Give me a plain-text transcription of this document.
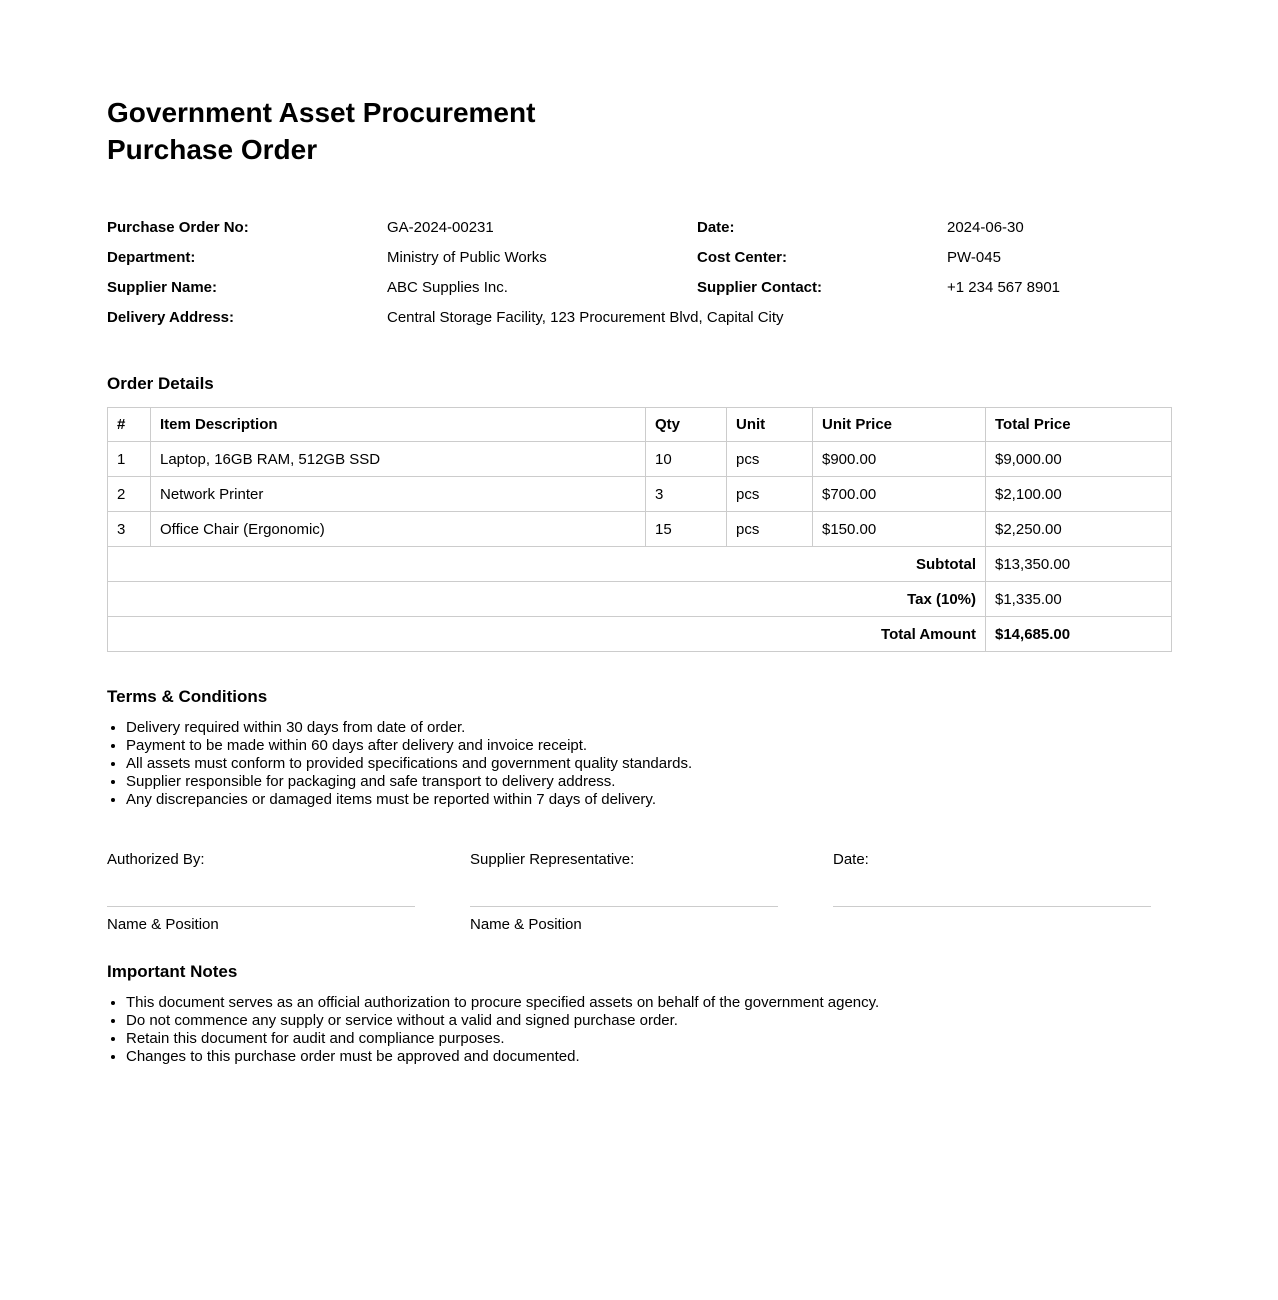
Government Asset Procurement
Purchase Order
Purchase Order No:	GA-2024-00231	Date:	2024-06-30
Department:	Ministry of Public Works	Cost Center:	PW-045
Supplier Name:	ABC Supplies Inc.	Supplier Contact:	+1 234 567 8901
Delivery Address:	Central Storage Facility, 123 Procurement Blvd, Capital City
Order Details
#	Item Description	Qty	Unit	Unit Price	Total Price
1	Laptop, 16GB RAM, 512GB SSD	10	pcs	$900.00	$9,000.00
2	Network Printer	3	pcs	$700.00	$2,100.00
3	Office Chair (Ergonomic)	15	pcs	$150.00	$2,250.00
Subtotal					$13,350.00
Tax (10%)					$1,335.00
Total Amount					$14,685.00
Terms & Conditions
• Delivery required within 30 days from date of order.
• Payment to be made within 60 days after delivery and invoice receipt.
• All assets must conform to provided specifications and government quality standards.
• Supplier responsible for packaging and safe transport to delivery address.
• Any discrepancies or damaged items must be reported within 7 days of delivery.
Authorized By:
Name & Position
Supplier Representative:
Name & Position
Date:
Important Notes
• This document serves as an official authorization to procure specified assets on behalf of the government agency.
• Do not commence any supply or service without a valid and signed purchase order.
• Retain this document for audit and compliance purposes.
• Changes to this purchase order must be approved and documented.
